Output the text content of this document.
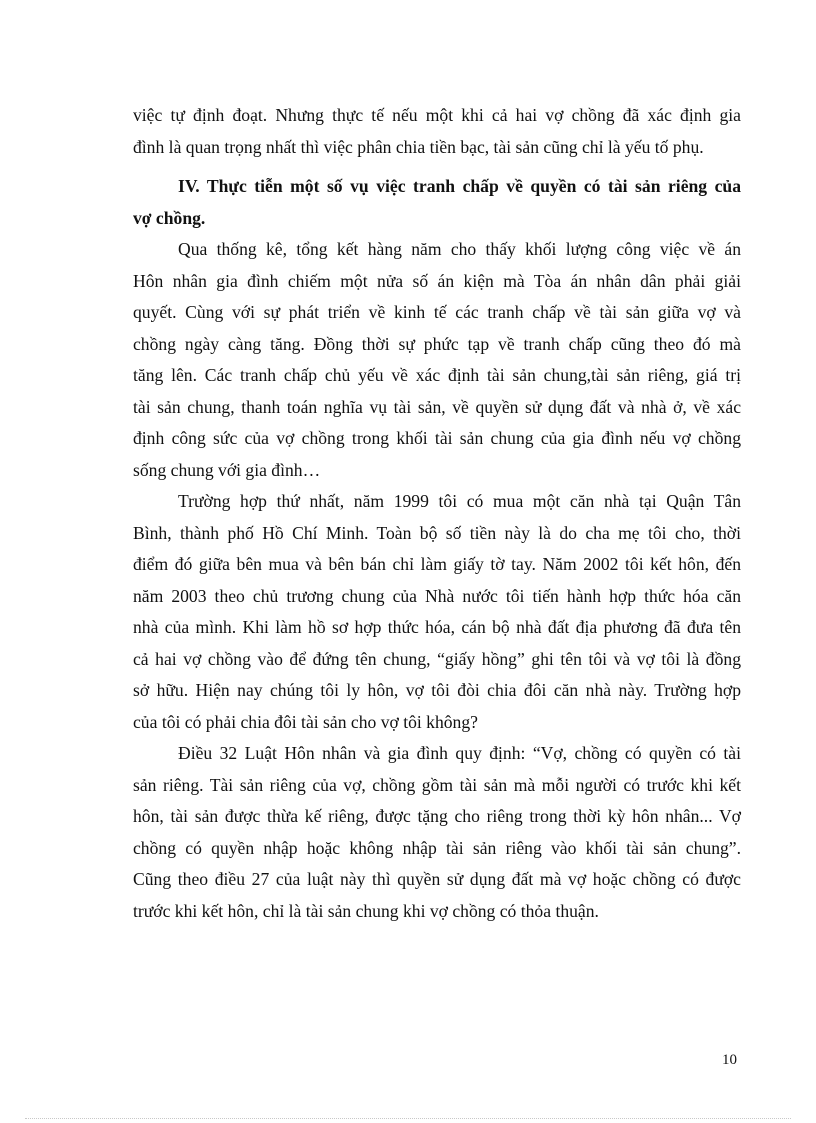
việc tự định đoạt. Nhưng thực tế nếu một khi cả hai vợ chồng đã xác định gia
đình là quan trọng nhất thì việc phân chia tiền bạc, tài sản cũng chỉ là yếu tố phụ.
IV. Thực tiễn một số vụ việc tranh chấp về quyền có tài sản riêng của
vợ chồng.
Qua thống kê, tổng kết hàng năm cho thấy khối lượng công việc về án
Hôn nhân gia đình chiếm một nửa số án kiện mà Tòa án nhân dân phải giải
quyết. Cùng với sự phát triển về kinh tế các tranh chấp về tài sản giữa vợ và
chồng ngày càng tăng. Đồng thời sự phức tạp về tranh chấp cũng theo đó mà
tăng lên. Các tranh chấp chủ yếu về xác định tài sản chung,tài sản riêng, giá trị
tài sản chung, thanh toán nghĩa vụ tài sản, về quyền sử dụng đất và nhà ở, về xác
định công sức của vợ chồng trong khối tài sản chung của gia đình nếu vợ chồng
sống chung với gia đình…
Trường hợp thứ nhất, năm 1999 tôi có mua một căn nhà tại Quận Tân
Bình, thành phố Hồ Chí Minh. Toàn bộ số tiền này là do cha mẹ tôi cho, thời
điểm đó giữa bên mua và bên bán chỉ làm giấy tờ tay. Năm 2002 tôi kết hôn, đến
năm 2003 theo chủ trương chung của Nhà nước tôi tiến hành hợp thức hóa căn
nhà của mình. Khi làm hồ sơ hợp thức hóa, cán bộ nhà đất địa phương đã đưa tên
cả hai vợ chồng vào để đứng tên chung, “giấy hồng” ghi tên tôi và vợ tôi là đồng
sở hữu. Hiện nay chúng tôi ly hôn, vợ tôi đòi chia đôi căn nhà này. Trường hợp
của tôi có phải chia đôi tài sản cho vợ tôi không?
Điều 32 Luật Hôn nhân và gia đình quy định: “Vợ, chồng có quyền có tài
sản riêng. Tài sản riêng của vợ, chồng gồm tài sản mà mỗi người có trước khi kết
hôn, tài sản được thừa kế riêng, được tặng cho riêng trong thời kỳ hôn nhân... Vợ
chồng có quyền nhập hoặc không nhập tài sản riêng vào khối tài sản chung”.
Cũng theo điều 27 của luật này thì quyền sử dụng đất mà vợ hoặc chồng có được
trước khi kết hôn, chỉ là tài sản chung khi vợ chồng có thỏa thuận.
10
